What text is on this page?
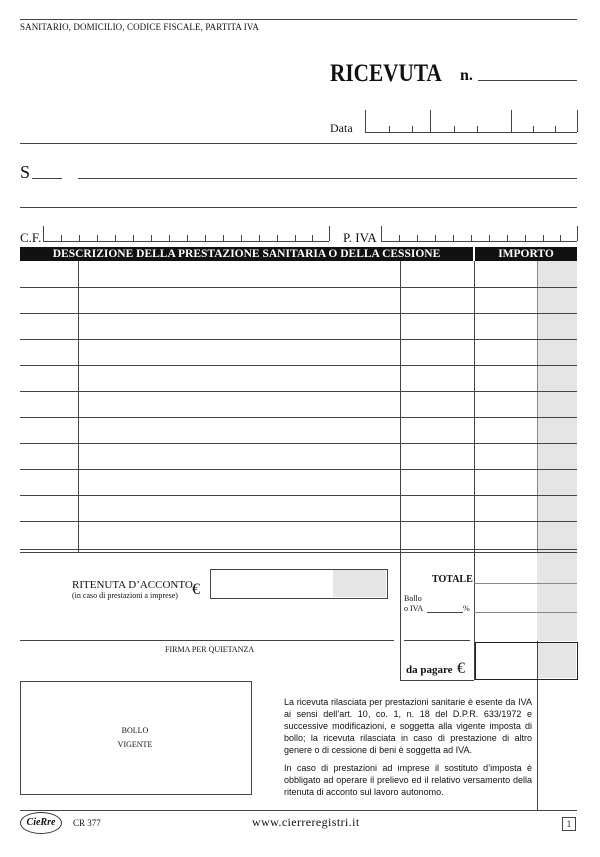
SANITARIO, DOMICILIO, CODICE FISCALE, PARTITA IVA
RICEVUTA n.
Data
S
C.F.	P. IVA
DESCRIZIONE DELLA PRESTAZIONE SANITARIA O DELLA CESSIONE	IMPORTO
TOTALE
Bollo
o IVA	%
da pagare €
RITENUTA D’ACCONTO
(in caso di prestazioni a imprese) €
FIRMA PER QUIETANZA
BOLLO
VIGENTE

La ricevuta rilasciata per prestazioni sanitarie è esente da IVA ai sensi dell’art. 10, co. 1, n. 18 del D.P.R. 633/1972 e successive modificazioni, e soggetta alla vigente imposta di bollo; la ricevuta rilasciata in caso di prestazione di altro genere o di cessione di beni è soggetta ad IVA.

In caso di prestazioni ad imprese il sostituto d’imposta è obbligato ad operare il prelievo ed il relativo versamento della ritenuta di acconto sul lavoro autonomo.

CieRre	CR 377	www.cierreregistri.it	1
